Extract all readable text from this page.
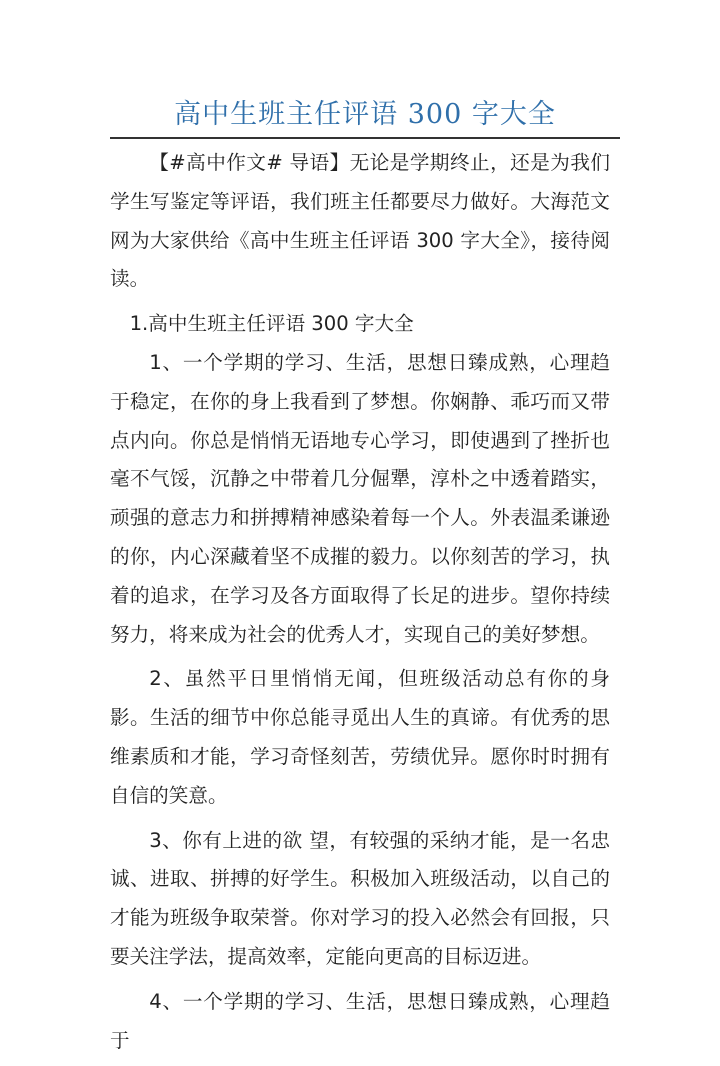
高中生班主任评语 300 字大全

【#高中作文# 导语】无论是学期终止，还是为我们学生写鉴定等评语，我们班主任都要尽力做好。大海范文网为大家供给《高中生班主任评语 300 字大全》，接待阅读。

1.高中生班主任评语 300 字大全

1、一个学期的学习、生活，思想日臻成熟，心理趋于稳定，在你的身上我看到了梦想。你娴静、乖巧而又带点内向。你总是悄悄无语地专心学习，即使遇到了挫折也毫不气馁，沉静之中带着几分倔犟，淳朴之中透着踏实，顽强的意志力和拼搏精神感染着每一个人。外表温柔谦逊的你，内心深藏着坚不成摧的毅力。以你刻苦的学习，执着的追求，在学习及各方面取得了长足的进步。望你持续努力，将来成为社会的优秀人才，实现自己的美好梦想。

2、虽然平日里悄悄无闻，但班级活动总有你的身影。生活的细节中你总能寻觅出人生的真谛。有优秀的思维素质和才能，学习奇怪刻苦，劳绩优异。愿你时时拥有自信的笑意。

3、你有上进的欲 望，有较强的采纳才能，是一名忠诚、进取、拼搏的好学生。积极加入班级活动，以自己的才能为班级争取荣誉。你对学习的投入必然会有回报，只要关注学法，提高效率，定能向更高的目标迈进。

4、一个学期的学习、生活，思想日臻成熟，心理趋于
